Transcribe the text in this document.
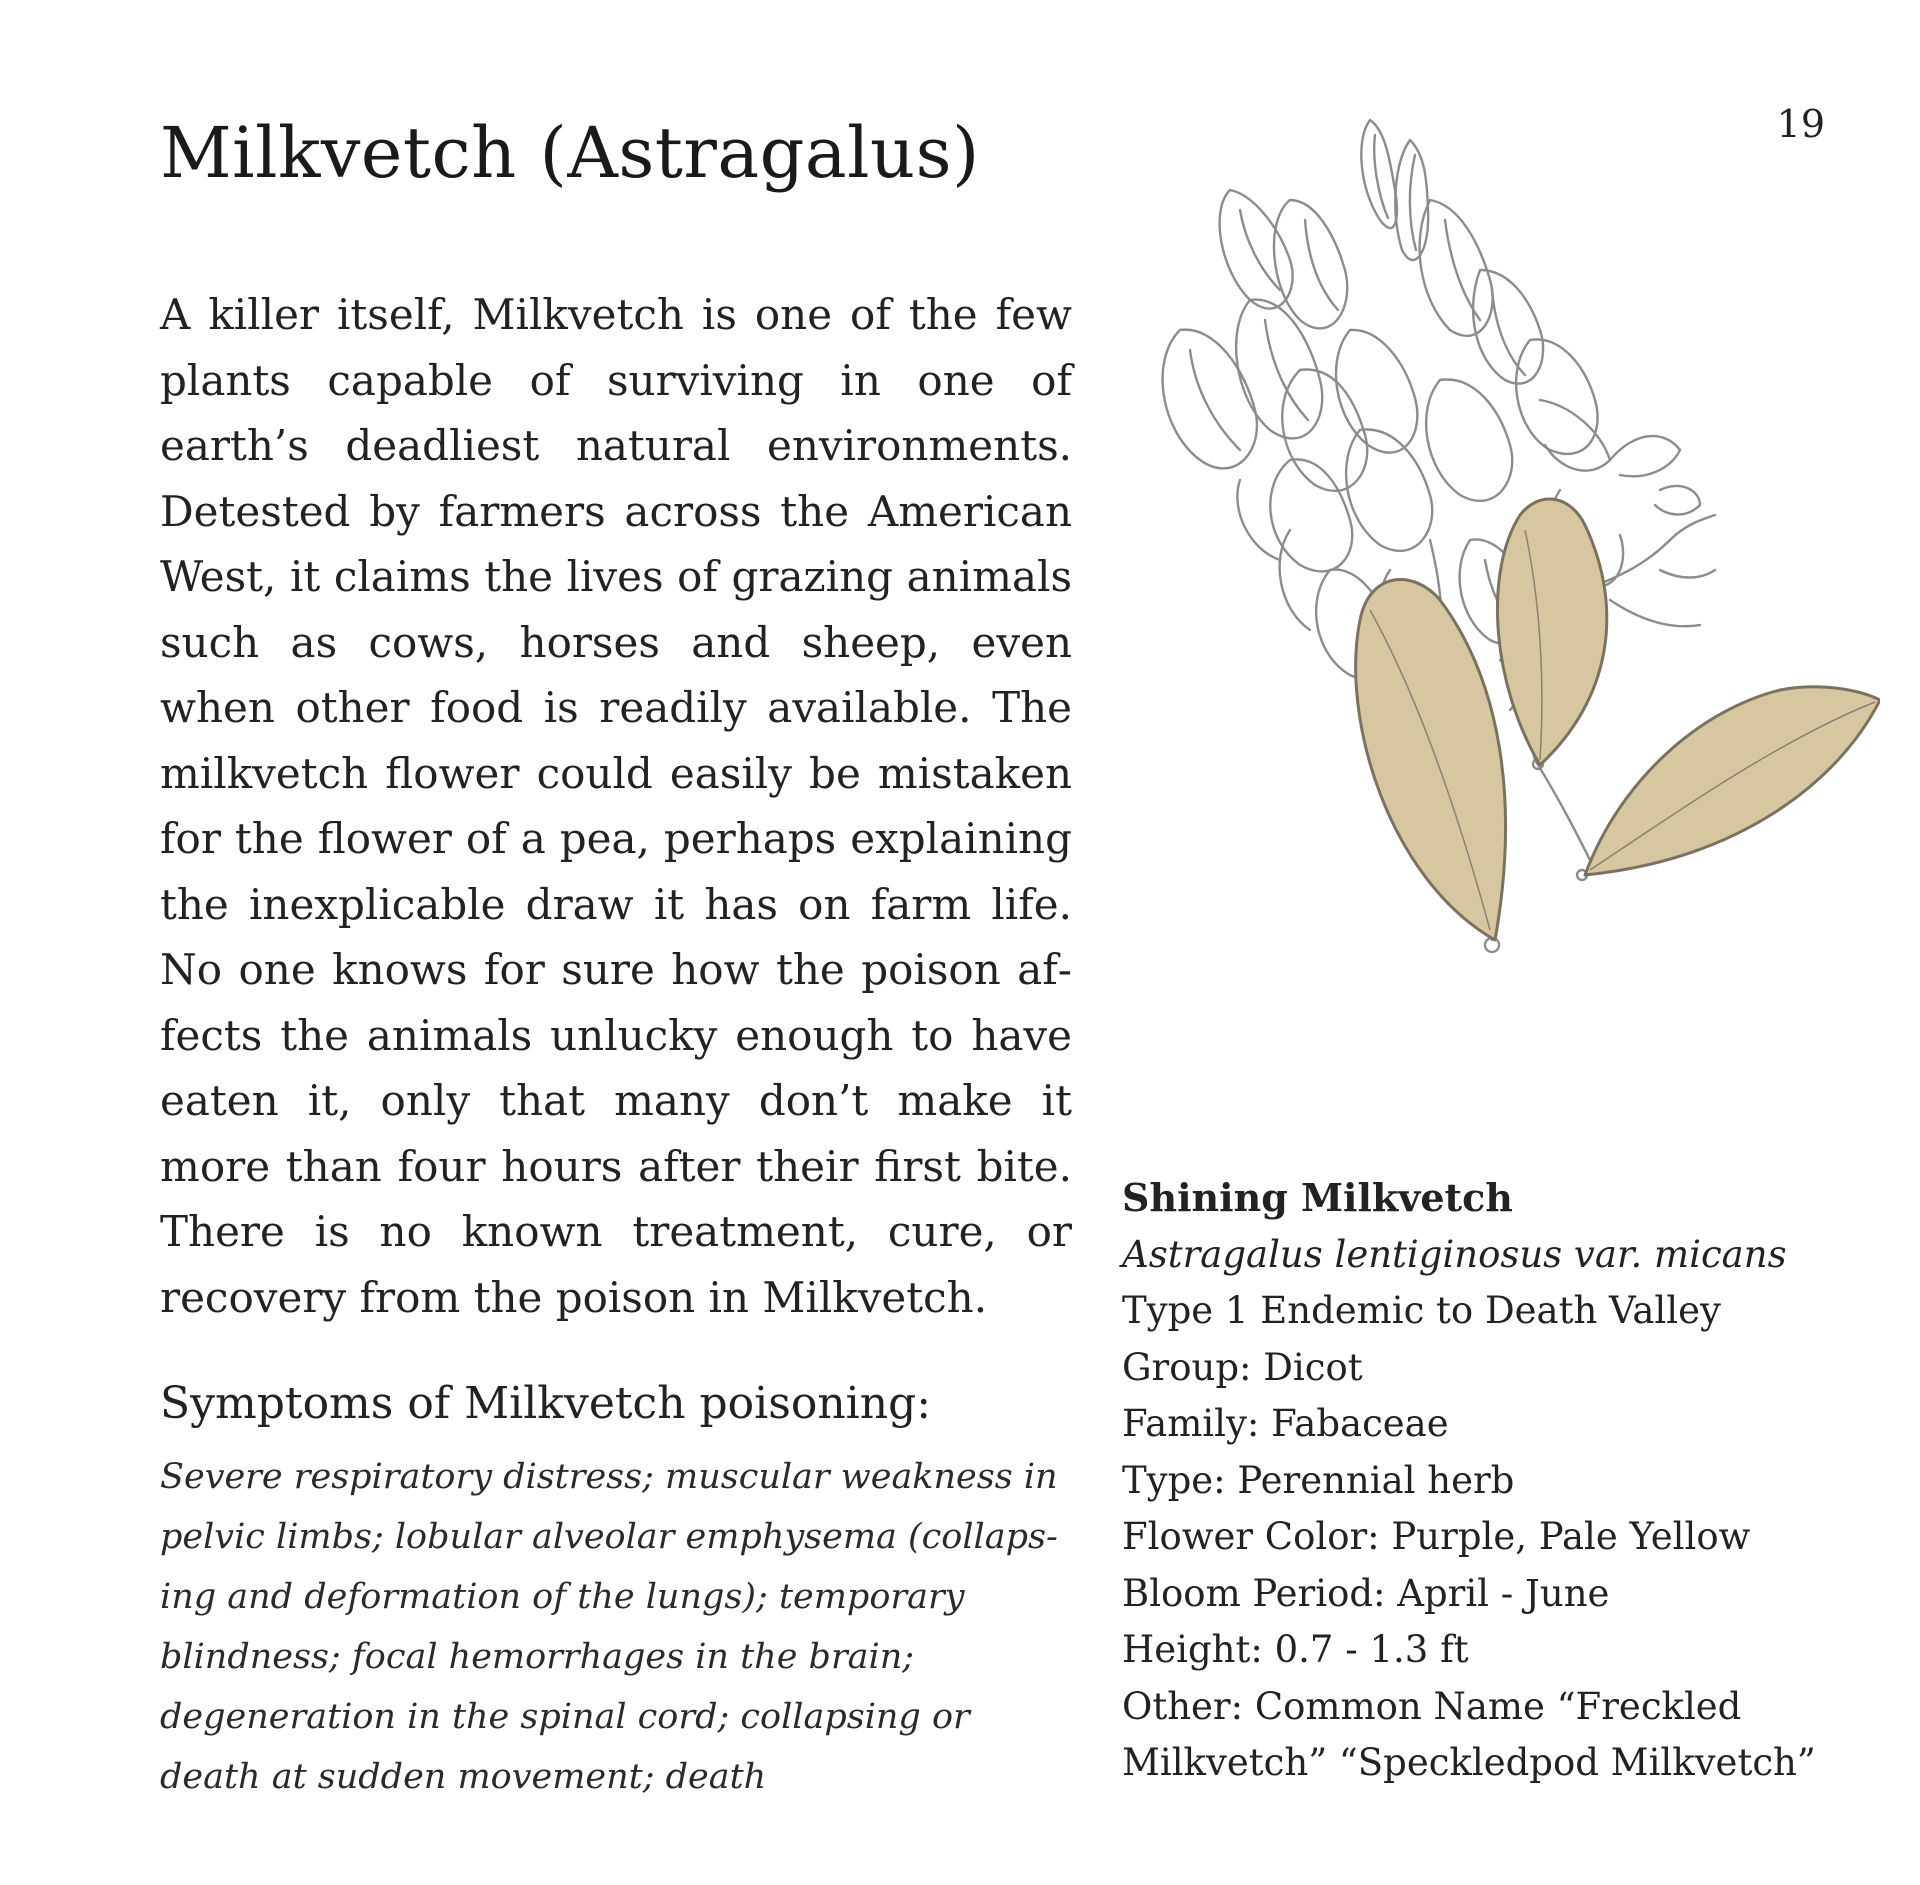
19
Milkvetch (Astragalus)

A killer itself, Milkvetch is one of the few plants capable of surviving in one of earth’s deadliest natural environments. Detested by farmers across the American West, it claims the lives of grazing animals such as cows, horses and sheep, even when other food is readily available. The milkvetch flower could easily be mistaken for the flower of a pea, perhaps explaining the inexplicable draw it has on farm life. No one knows for sure how the poison affects the animals unlucky enough to have eaten it, only that many don’t make it more than four hours after their first bite. There is no known treatment, cure, or recovery from the poison in Milkvetch.

Symptoms of Milkvetch poisoning:

Severe respiratory distress; muscular weakness in pelvic limbs; lobular alveolar emphysema (collapsing and deformation of the lungs); temporary blindness; focal hemorrhages in the brain; degeneration in the spinal cord; collapsing or death at sudden movement; death

Shining Milkvetch
Astragalus lentiginosus var. micans
Type 1 Endemic to Death Valley
Group: Dicot
Family: Fabaceae
Type: Perennial herb
Flower Color: Purple, Pale Yellow
Bloom Period: April - June
Height: 0.7 - 1.3 ft
Other: Common Name “Freckled
Milkvetch” “Speckledpod Milkvetch”
